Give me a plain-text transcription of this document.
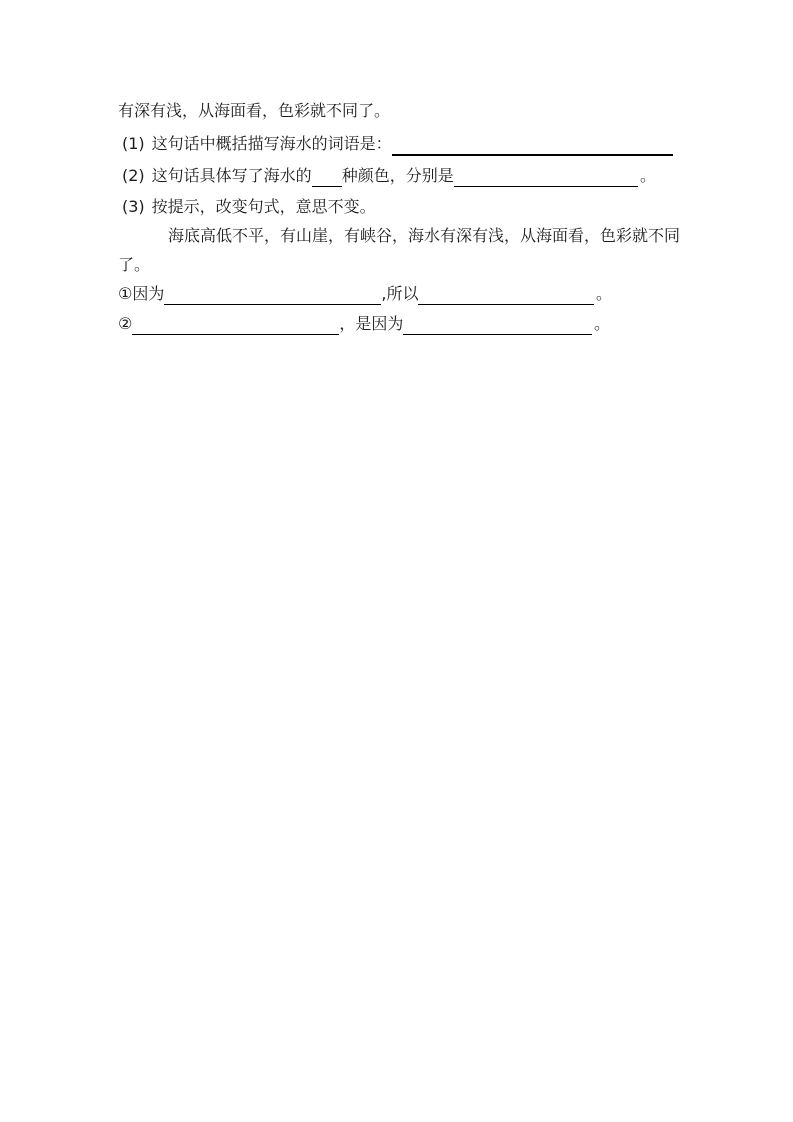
有深有浅，从海面看，色彩就不同了。
(1) 这句话中概括描写海水的词语是：
(2) 这句话具体写了海水的 种颜色，分别是	。
(3) 按提示，改变句式，意思不变。
海底高低不平，有山崖，有峡谷，海水有深有浅，从海面看，色彩就不同
了。
① 因为	,所以	。
②	，是因为	。
